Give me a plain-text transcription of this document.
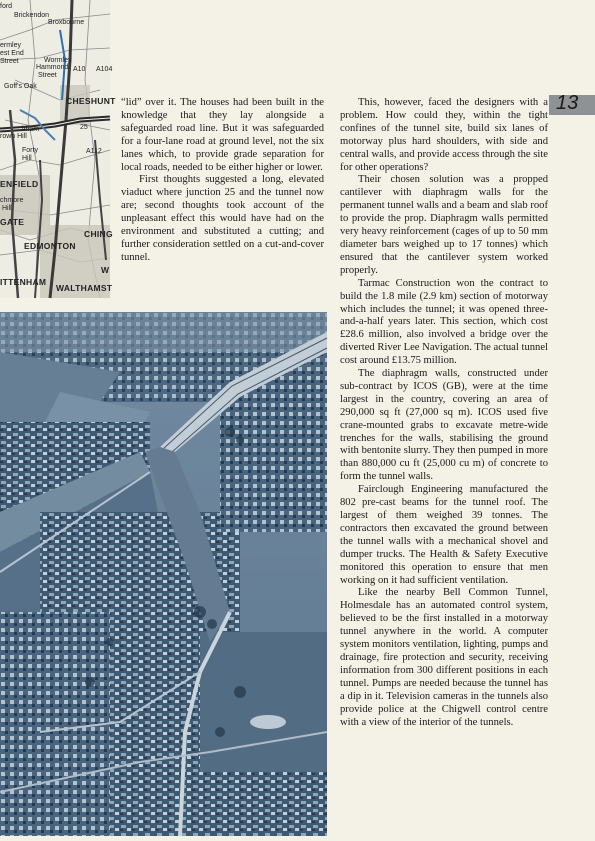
ford
Brickendon
Broxbourne
ermley
est End
Street	Wormley
Hammond
Street
Goff's Oak
CHESHUNT
ltham
rown Hill
Forty
Hill
A112
ENFIELD
chmore
Hill
GATE
CHING
EDMONTON
ITTENHAM
WALTHAMST
W
A10
25
A104
13

“lid” over it. The houses had been built in the knowledge that they lay alongside a safeguarded road line. But it was safeguarded for a four-lane road at ground level, not the six lanes which, to provide grade separation for local roads, needed to be either higher or lower.

First thoughts suggested a long, elevated viaduct where junction 25 and the tunnel now are; second thoughts took account of the unpleasant effect this would have had on the environment and substituted a cutting; and further consideration settled on a cut-and-cover tunnel.

This, however, faced the designers with a problem. How could they, within the tight confines of the tunnel site, build six lanes of motorway plus hard shoulders, with side and central walls, and provide access through the site for other operations?

Their chosen solution was a propped cantilever with diaphragm walls for the permanent tunnel walls and a beam and slab roof to provide the prop. Diaphragm walls permitted very heavy reinforcement (cages of up to 50 mm diameter bars weighed up to 17 tonnes) which ensured that the cantilever system worked properly.

Tarmac Construction won the contract to build the 1.8 mile (2.9 km) section of motorway which includes the tunnel; it was opened three-and-a-half years later. This section, which cost £28.6 million, also involved a bridge over the diverted River Lee Navigation. The actual tunnel cost around £13.75 million.

The diaphragm walls, constructed under sub-contract by ICOS (GB), were at the time largest in the country, covering an area of 290,000 sq ft (27,000 sq m). ICOS used five crane-mounted grabs to excavate metre-wide trenches for the walls, stabilising the ground with bentonite slurry. They then pumped in more than 880,000 cu ft (25,000 cu m) of concrete to form the tunnel walls.

Fairclough Engineering manufactured the 802 pre-cast beams for the tunnel roof. The largest of them weighed 39 tonnes. The contractors then excavated the ground between the tunnel walls with a mechanical shovel and dumper trucks. The Health & Safety Executive monitored this operation to ensure that men working on it had sufficient ventilation.

Like the nearby Bell Common Tunnel, Holmesdale has an automated control system, believed to be the first installed in a motorway tunnel anywhere in the world. A computer system monitors ventilation, lighting, pumps and drainage, fire protection and security, receiving information from 300 different positions in each tunnel. Pumps are needed because the tunnel has a dip in it. Television cameras in the tunnels also provide police at the Chigwell control centre with a view of the interior of the tunnels.
